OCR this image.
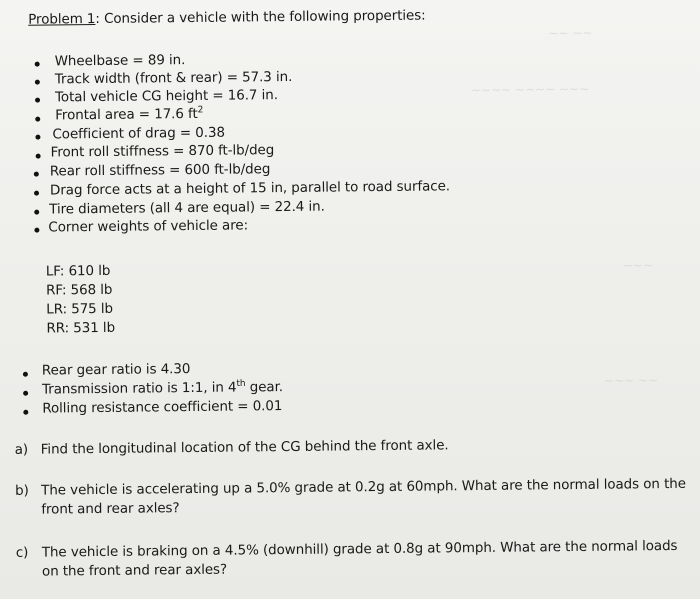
~~ ~~
~~~~ ~~~~ ~~~
~~~
~~~ ~~
Problem 1: Consider a vehicle with the following properties:
Wheelbase = 89 in.
Track width (front & rear) = 57.3 in.
Total vehicle CG height = 16.7 in.
Frontal area = 17.6 $ft^2$
Coefficient of drag = 0.38
Front roll stiffness = 870 ft-lb/deg
Rear roll stiffness = 600 ft-lb/deg
Drag force acts at a height of 15 in, parallel to road surface.
Tire diameters (all 4 are equal) = 22.4 in.
Corner weights of vehicle are:
LF: 610 lb
RF: 568 lb
LR: 575 lb
RR: 531 lb
Rear gear ratio is 4.30
Transmission ratio is 1:1, in 4th gear.
Rolling resistance coefficient = 0.01
a) Find the longitudinal location of the CG behind the front axle.
b) The vehicle is accelerating up a 5.0% grade at 0.2g at 60mph. What are the normal loads on the
front and rear axles?
c) The vehicle is braking on a 4.5% (downhill) grade at 0.8g at 90mph. What are the normal loads
on the front and rear axles?
